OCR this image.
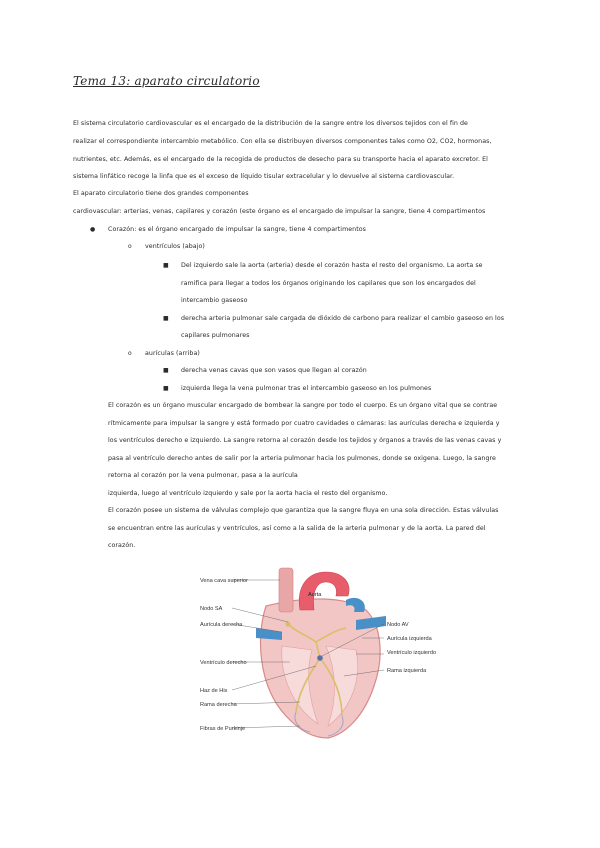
Tema 13: aparato circulatorio
El sistema circulatorio cardiovascular es el encargado de la distribución de la sangre entre los diversos tejidos con el fin de
realizar el correspondiente intercambio metabólico. Con ella se distribuyen diversos componentes tales como O2, CO2, hormonas,
nutrientes, etc. Además, es el encargado de la recogida de productos de desecho para su transporte hacia el aparato excretor. El
sistema linfático recoge la linfa que es el exceso de líquido tisular extracelular y lo devuelve al sistema cardiovascular.
El aparato circulatorio tiene dos grandes componentes
cardiovascular: arterias, venas, capilares y corazón (este órgano es el encargado de impulsar la sangre, tiene 4 compartimentos
● Corazón: es el órgano encargado de impulsar la sangre, tiene 4 compartimentos
o ventrículos (abajo)
■ Del izquierdo sale la aorta (arteria) desde el corazón hasta el resto del organismo. La aorta se
ramifica para llegar a todos los órganos originando los capilares que son los encargados del
intercambio gaseoso
■ derecha arteria pulmonar sale cargada de dióxido de carbono para realizar el cambio gaseoso en los
capilares pulmonares
o aurículas (arriba)
■ derecha venas cavas que son vasos que llegan al corazón
■ izquierda llega la vena pulmonar tras el intercambio gaseoso en los pulmones
El corazón es un órgano muscular encargado de bombear la sangre por todo el cuerpo. Es un órgano vital que se contrae
rítmicamente para impulsar la sangre y está formado por cuatro cavidades o cámaras: las aurículas derecha e izquierda y
los ventrículos derecho e izquierdo. La sangre retorna al corazón desde los tejidos y órganos a través de las venas cavas y
pasa al ventrículo derecho antes de salir por la arteria pulmonar hacia los pulmones, donde se oxigena. Luego, la sangre
retorna al corazón por la vena pulmonar, pasa a la aurícula
izquierda, luego al ventrículo izquierdo y sale por la aorta hacia el resto del organismo.
El corazón posee un sistema de válvulas complejo que garantiza que la sangre fluya en una sola dirección. Estas válvulas
se encuentran entre las aurículas y ventrículos, así como a la salida de la arteria pulmonar y de la aorta. La pared del
corazón.
Aorta
Vena cava superior
Nodo SA
Aurícula derecha
Ventrículo derecho
Haz de His
Rama derecha
Fibras de Purkinje
Nodo AV
Aurícula izquierda
Ventrículo izquierdo
Rama izquierda
